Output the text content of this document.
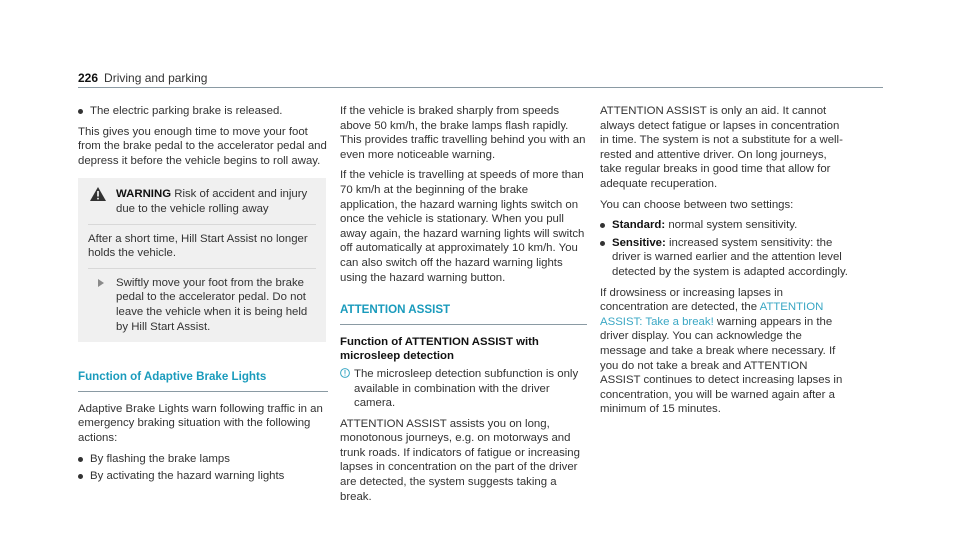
226 Driving and parking
The electric parking brake is released.

This gives you enough time to move your foot from the brake pedal to the accelerator pedal and depress it before the vehicle begins to roll away.

WARNING Risk of accident and injury due to the vehicle rolling away

After a short time, Hill Start Assist no longer holds the vehicle.

Swiftly move your foot from the brake pedal to the accelerator pedal. Do not leave the vehicle when it is being held by Hill Start Assist.

Function of Adaptive Brake Lights

Adaptive Brake Lights warn following traffic in an emergency braking situation with the following actions:

By flashing the brake lamps
By activating the hazard warning lights

If the vehicle is braked sharply from speeds above 50 km/h, the brake lamps flash rapidly. This provides traffic travelling behind you with an even more noticeable warning.

If the vehicle is travelling at speeds of more than 70 km/h at the beginning of the brake application, the hazard warning lights switch on once the vehicle is stationary. When you pull away again, the hazard warning lights will switch off automatically at approximately 10 km/h. You can also switch off the hazard warning lights using the hazard warning button.

ATTENTION ASSIST

Function of ATTENTION ASSIST with microsleep detection

The microsleep detection subfunction is only available in combination with the driver camera.

ATTENTION ASSIST assists you on long, monotonous journeys, e.g. on motorways and trunk roads. If indicators of fatigue or increasing lapses in concentration on the part of the driver are detected, the system suggests taking a break.

ATTENTION ASSIST is only an aid. It cannot always detect fatigue or lapses in concentration in time. The system is not a substitute for a well-rested and attentive driver. On long journeys, take regular breaks in good time that allow for adequate recuperation.

You can choose between two settings:

Standard: normal system sensitivity.
Sensitive: increased system sensitivity: the driver is warned earlier and the attention level detected by the system is adapted accordingly.

If drowsiness or increasing lapses in concentration are detected, the ATTENTION ASSIST: Take a break! warning appears in the driver display. You can acknowledge the message and take a break where necessary. If you do not take a break and ATTENTION ASSIST continues to detect increasing lapses in concentration, you will be warned again after a minimum of 15 minutes.
